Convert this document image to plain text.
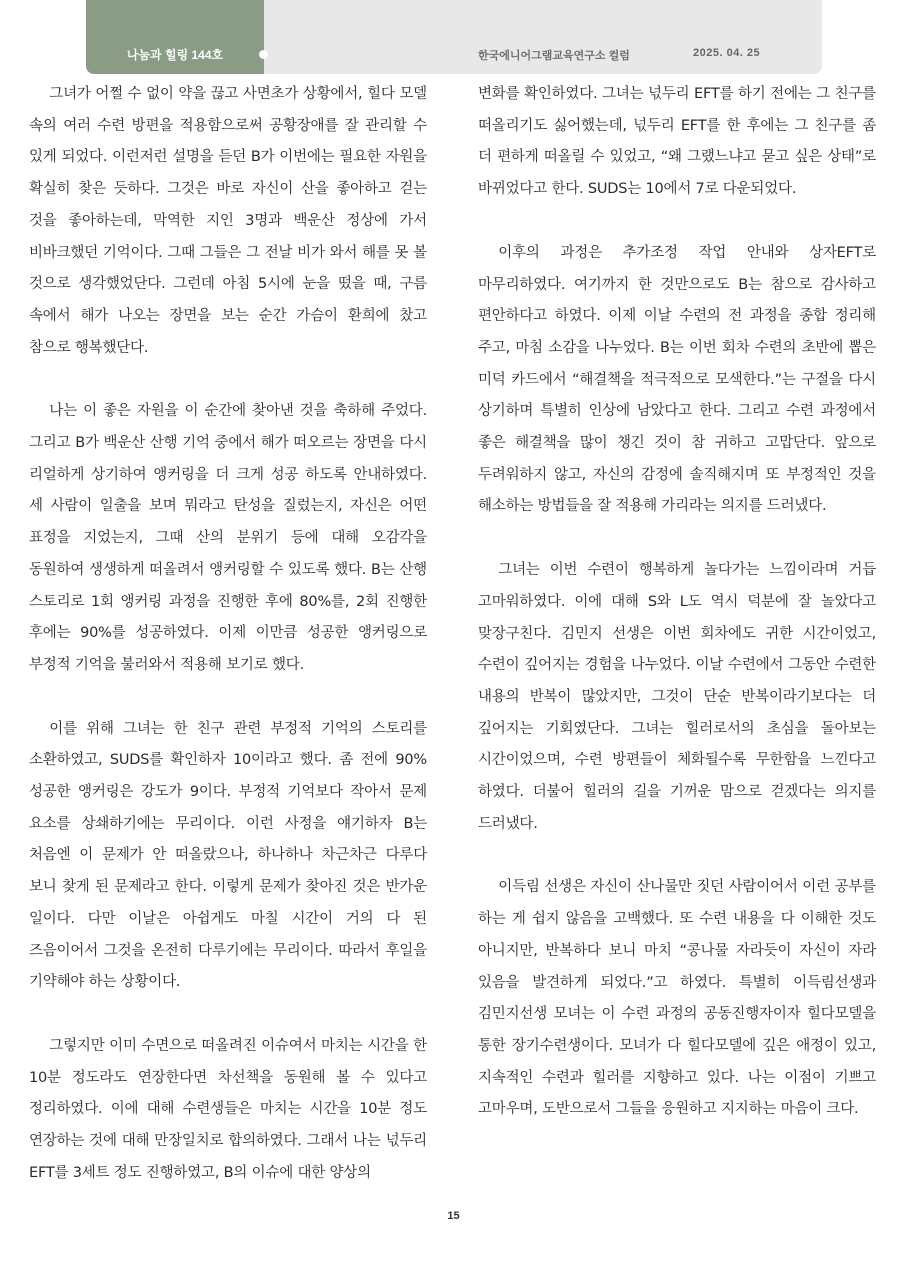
나눔과 힐링 144호	한국에니어그램교육연구소 컬럼	2025. 04. 25

그녀가 어쩔 수 없이 약을 끊고 사면초가 상황에서, 힐다 모델 속의 여러 수련 방편을 적용함으로써 공황장애를 잘 관리할 수 있게 되었다. 이런저런 설명을 듣던 B가 이번에는 필요한 자원을 확실히 찾은 듯하다. 그것은 바로 자신이 산을 좋아하고 걷는 것을 좋아하는데, 막역한 지인 3명과 백운산 정상에 가서 비바크했던 기억이다. 그때 그들은 그 전날 비가 와서 해를 못 볼 것으로 생각했었단다. 그런데 아침 5시에 눈을 떴을 때, 구름 속에서 해가 나오는 장면을 보는 순간 가슴이 환희에 찼고 참으로 행복했단다.

나는 이 좋은 자원을 이 순간에 찾아낸 것을 축하해 주었다. 그리고 B가 백운산 산행 기억 중에서 해가 떠오르는 장면을 다시 리얼하게 상기하여 앵커링을 더 크게 성공 하도록 안내하였다. 세 사람이 일출을 보며 뭐라고 탄성을 질렀는지, 자신은 어떤 표정을 지었는지, 그때 산의 분위기 등에 대해 오감각을 동원하여 생생하게 떠올려서 앵커링할 수 있도록 했다. B는 산행 스토리로 1회 앵커링 과정을 진행한 후에 80%를, 2회 진행한 후에는 90%를 성공하였다. 이제 이만큼 성공한 앵커링으로 부정적 기억을 불러와서 적용해 보기로 했다.

이를 위해 그녀는 한 친구 관련 부정적 기억의 스토리를 소환하였고, SUDS를 확인하자 10이라고 했다. 좀 전에 90% 성공한 앵커링은 강도가 9이다. 부정적 기억보다 작아서 문제 요소를 상쇄하기에는 무리이다. 이런 사정을 얘기하자 B는 처음엔 이 문제가 안 떠올랐으나, 하나하나 차근차근 다루다 보니 찾게 된 문제라고 한다. 이렇게 문제가 찾아진 것은 반가운 일이다. 다만 이날은 아쉽게도 마칠 시간이 거의 다 된 즈음이어서 그것을 온전히 다루기에는 무리이다. 따라서 후일을 기약해야 하는 상황이다.

그렇지만 이미 수면으로 떠올려진 이슈여서 마치는 시간을 한 10분 정도라도 연장한다면 차선책을 동원해 볼 수 있다고 정리하였다. 이에 대해 수련생들은 마치는 시간을 10분 정도 연장하는 것에 대해 만장일치로 합의하였다. 그래서 나는 넋두리 EFT를 3세트 정도 진행하였고, B의 이슈에 대한 양상의

변화를 확인하였다. 그녀는 넋두리 EFT를 하기 전에는 그 친구를 떠올리기도 싫어했는데, 넋두리 EFT를 한 후에는 그 친구를 좀 더 편하게 떠올릴 수 있었고, “왜 그랬느냐고 묻고 싶은 상태”로 바뀌었다고 한다. SUDS는 10에서 7로 다운되었다.

이후의 과정은 추가조정 작업 안내와 상자EFT로 마무리하였다. 여기까지 한 것만으로도 B는 참으로 감사하고 편안하다고 하였다. 이제 이날 수련의 전 과정을 종합 정리해 주고, 마침 소감을 나누었다. B는 이번 회차 수련의 초반에 뽑은 미덕 카드에서 “해결책을 적극적으로 모색한다.”는 구절을 다시 상기하며 특별히 인상에 남았다고 한다. 그리고 수련 과정에서 좋은 해결책을 많이 챙긴 것이 참 귀하고 고맙단다. 앞으로 두려워하지 않고, 자신의 감정에 솔직해지며 또 부정적인 것을 해소하는 방법들을 잘 적용해 가리라는 의지를 드러냈다.

그녀는 이번 수련이 행복하게 놀다가는 느낌이라며 거듭 고마워하였다. 이에 대해 S와 L도 역시 덕분에 잘 놀았다고 맞장구친다. 김민지 선생은 이번 회차에도 귀한 시간이었고, 수련이 깊어지는 경험을 나누었다. 이날 수련에서 그동안 수련한 내용의 반복이 많았지만, 그것이 단순 반복이라기보다는 더 깊어지는 기회였단다. 그녀는 힐러로서의 초심을 돌아보는 시간이었으며, 수련 방편들이 체화될수록 무한함을 느낀다고 하였다. 더불어 힐러의 길을 기꺼운 맘으로 걷겠다는 의지를 드러냈다.

이득림 선생은 자신이 산나물만 짓던 사람이어서 이런 공부를 하는 게 쉽지 않음을 고백했다. 또 수련 내용을 다 이해한 것도 아니지만, 반복하다 보니 마치 “콩나물 자라듯이 자신이 자라 있음을 발견하게 되었다.”고 하였다. 특별히 이득림선생과 김민지선생 모녀는 이 수련 과정의 공동진행자이자 힐다모델을 통한 장기수련생이다. 모녀가 다 힐다모델에 깊은 애정이 있고, 지속적인 수련과 힐러를 지향하고 있다. 나는 이점이 기쁘고 고마우며, 도반으로서 그들을 응원하고 지지하는 마음이 크다.

15
